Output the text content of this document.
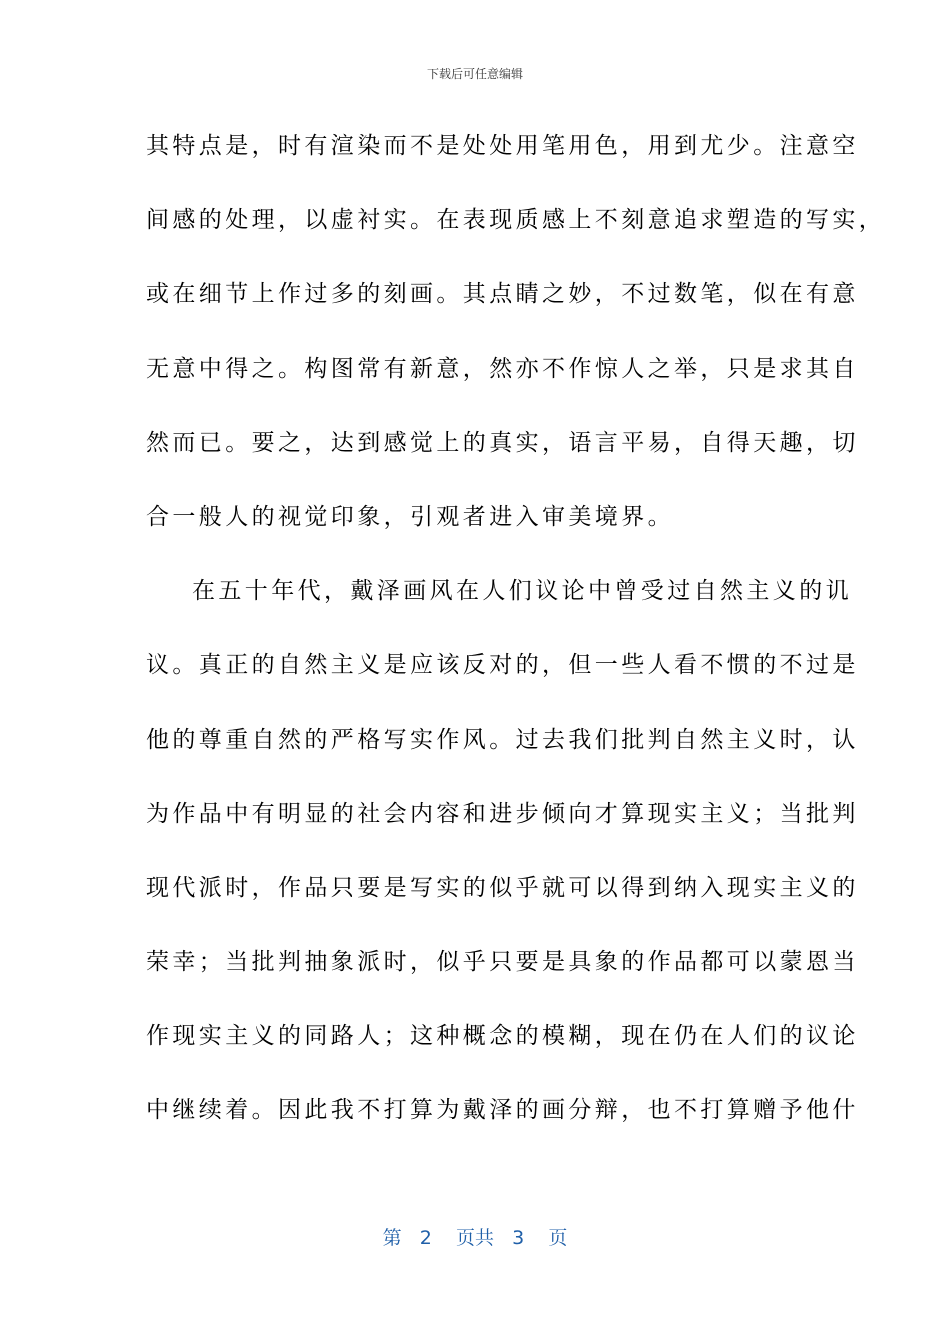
下载后可任意编辑
其特点是，时有渲染而不是处处用笔用色，用到尤少。注意空
间感的处理，以虚衬实。在表现质感上不刻意追求塑造的写实，
或在细节上作过多的刻画。其点睛之妙，不过数笔，似在有意
无意中得之。构图常有新意，然亦不作惊人之举，只是求其自
然而已。要之，达到感觉上的真实，语言平易，自得天趣，切
合一般人的视觉印象，引观者进入审美境界。
在五十年代，戴泽画风在人们议论中曾受过自然主义的讥
议。真正的自然主义是应该反对的，但一些人看不惯的不过是
他的尊重自然的严格写实作风。过去我们批判自然主义时，认
为作品中有明显的社会内容和进步倾向才算现实主义；当批判
现代派时，作品只要是写实的似乎就可以得到纳入现实主义的
荣幸；当批判抽象派时，似乎只要是具象的作品都可以蒙恩当
作现实主义的同路人；这种概念的模糊，现在仍在人们的议论
中继续着。因此我不打算为戴泽的画分辩，也不打算赠予他什
第 2 页共 3 页
